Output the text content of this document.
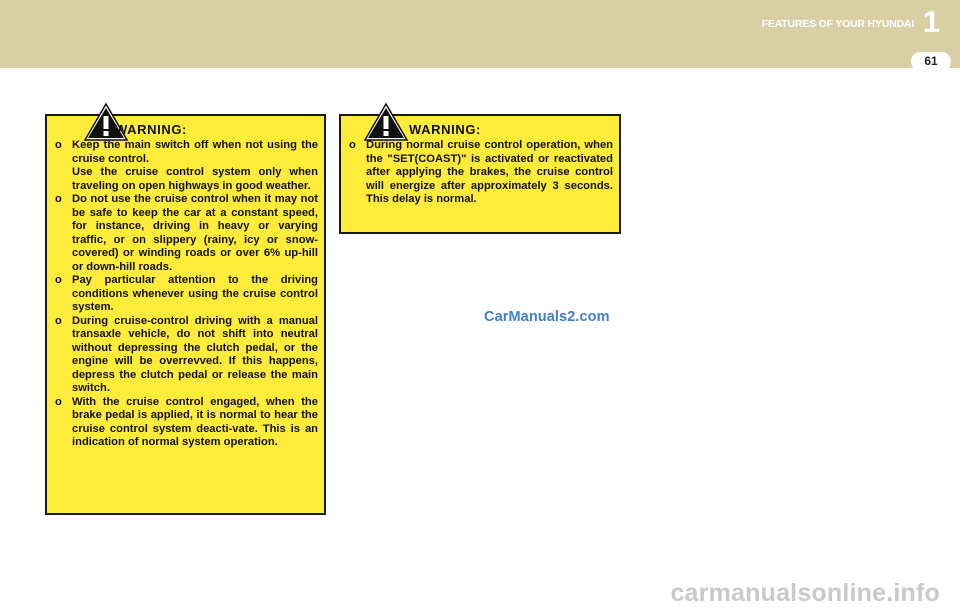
FEATURES OF YOUR HYUNDAI 1
61
WARNING:
o Keep the main switch off when not using the cruise control.
Use the cruise control system only when traveling on open highways in good weather.
o Do not use the cruise control when it may not be safe to keep the car at a constant speed, for instance, driving in heavy or varying traffic, or on slippery (rainy, icy or snow-covered) or winding roads or over 6% up-hill or down-hill roads.
o Pay particular attention to the driving conditions whenever using the cruise control system.
o During cruise-control driving with a manual transaxle vehicle, do not shift into neutral without depressing the clutch pedal, or the engine will be overrevved. If this happens, depress the clutch pedal or release the main switch.
o With the cruise control engaged, when the brake pedal is applied, it is normal to hear the cruise control system deacti-vate. This is an indication of normal system operation.
WARNING:
o During normal cruise control operation, when the "SET(COAST)" is activated or reactivated after applying the brakes, the cruise control will energize after approximately 3 seconds. This delay is normal.
CarManuals2.com
carmanualsonline.info
